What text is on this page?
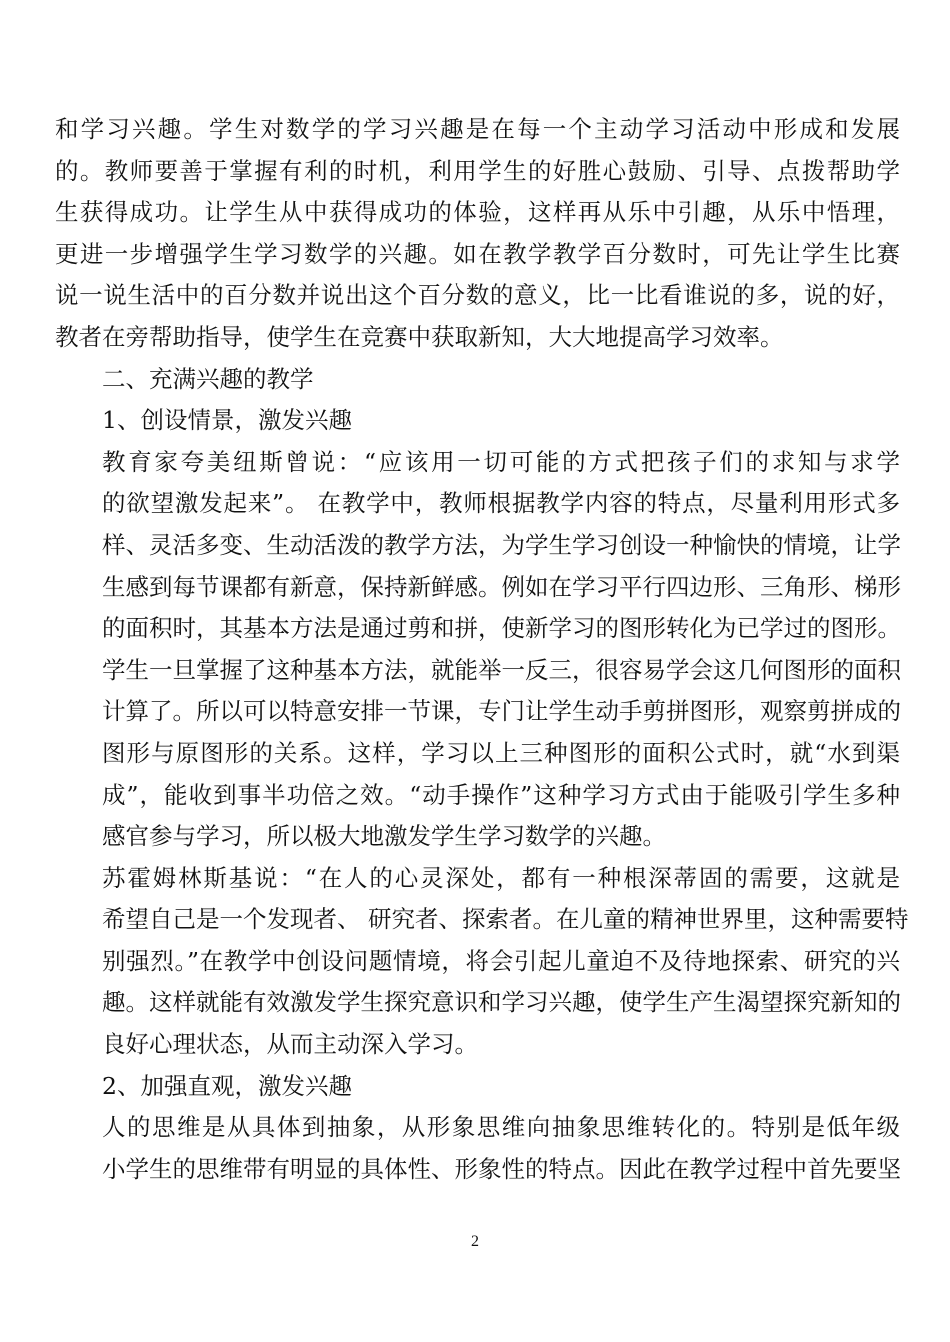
和学习兴趣。学生对数学的学习兴趣是在每一个主动学习活动中形成和发展
的。教师要善于掌握有利的时机，利用学生的好胜心鼓励、引导、点拨帮助学
生获得成功。让学生从中获得成功的体验，这样再从乐中引趣，从乐中悟理，
更进一步增强学生学习数学的兴趣。如在教学教学百分数时，可先让学生比赛
说一说生活中的百分数并说出这个百分数的意义，比一比看谁说的多，说的好，
教者在旁帮助指导，使学生在竞赛中获取新知，大大地提高学习效率。
二、充满兴趣的教学
1、创设情景，激发兴趣
教育家夸美纽斯曾说：“应该用一切可能的方式把孩子们的求知与求学
的欲望激发起来”。 在教学中，教师根据教学内容的特点，尽量利用形式多
样、灵活多变、生动活泼的教学方法，为学生学习创设一种愉快的情境，让学
生感到每节课都有新意，保持新鲜感。例如在学习平行四边形、三角形、梯形
的面积时，其基本方法是通过剪和拼，使新学习的图形转化为已学过的图形。
学生一旦掌握了这种基本方法，就能举一反三，很容易学会这几何图形的面积
计算了。所以可以特意安排一节课，专门让学生动手剪拼图形，观察剪拼成的
图形与原图形的关系。这样，学习以上三种图形的面积公式时，就“水到渠
成”，能收到事半功倍之效。“动手操作”这种学习方式由于能吸引学生多种
感官参与学习，所以极大地激发学生学习数学的兴趣。
苏霍姆林斯基说：“在人的心灵深处，都有一种根深蒂固的需要，这就是
希望自己是一个发现者、 研究者、探索者。在儿童的精神世界里，这种需要特
别强烈。”在教学中创设问题情境，将会引起儿童迫不及待地探索、研究的兴
趣。这样就能有效激发学生探究意识和学习兴趣，使学生产生渴望探究新知的
良好心理状态，从而主动深入学习。
2、加强直观，激发兴趣
人的思维是从具体到抽象，从形象思维向抽象思维转化的。特别是低年级
小学生的思维带有明显的具体性、形象性的特点。因此在教学过程中首先要坚
2
